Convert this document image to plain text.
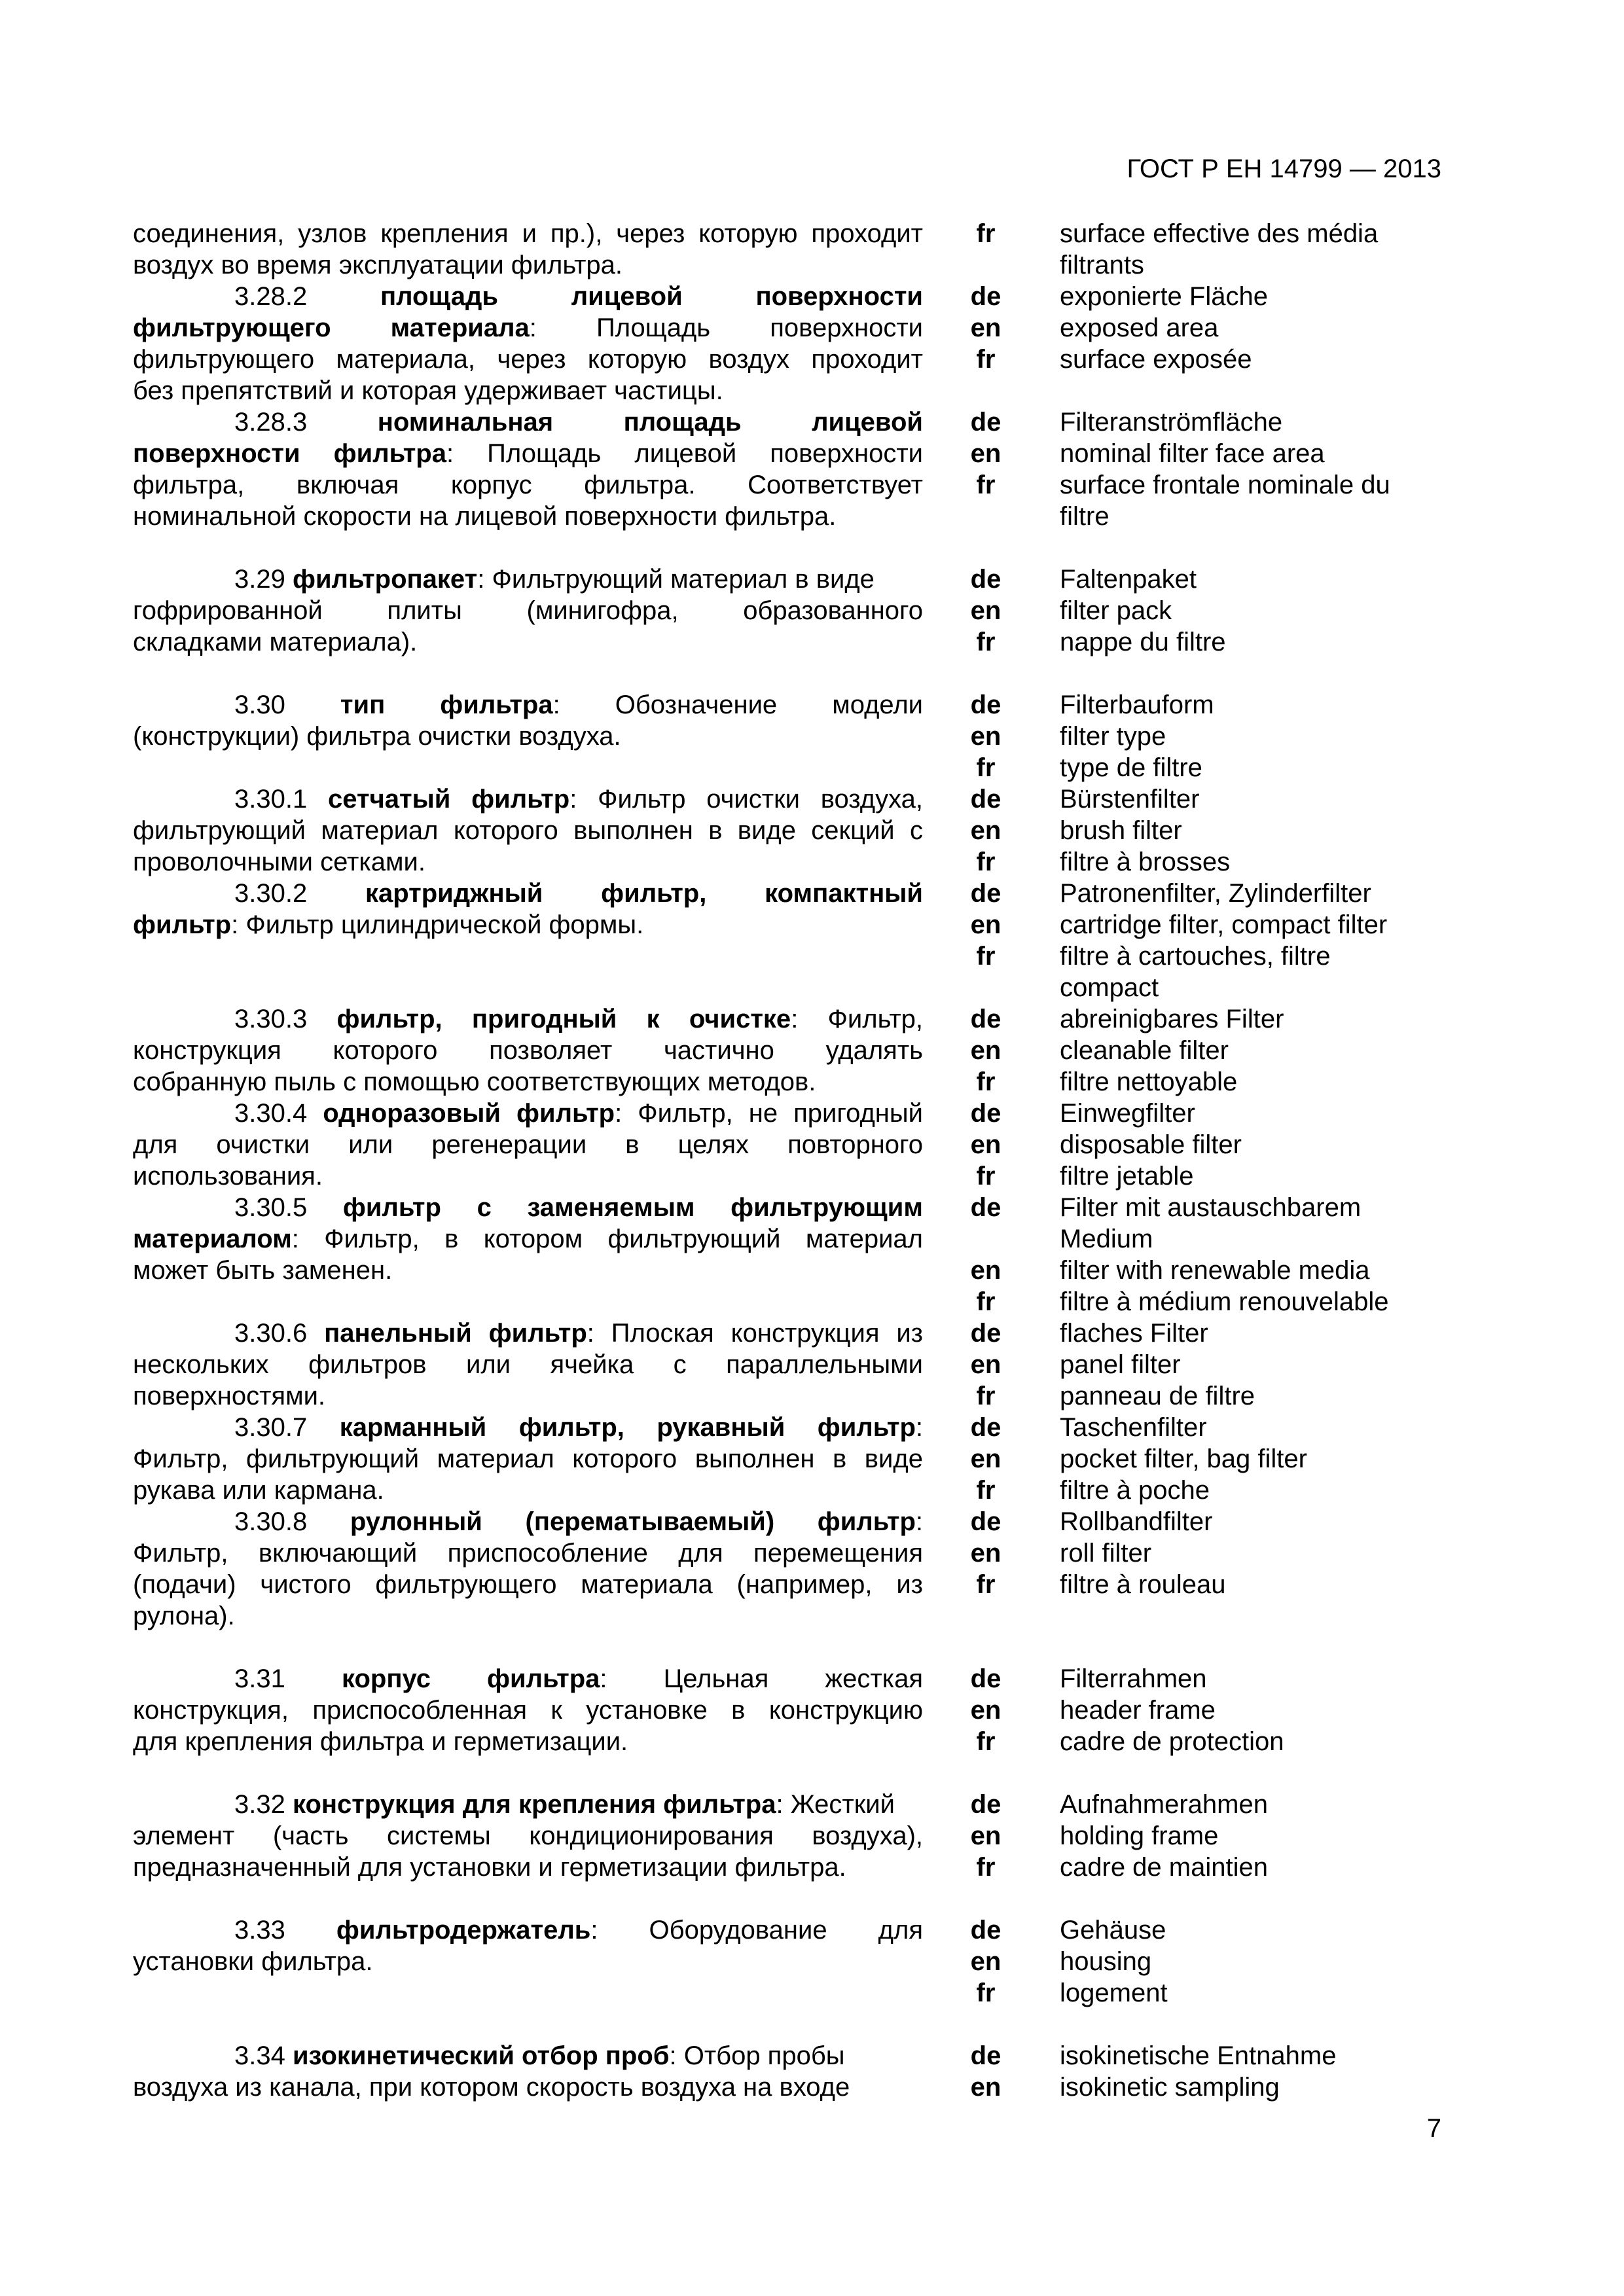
ГОСТ Р ЕН 14799 — 2013
соединения, узлов крепления и пр.), через которую проходит
воздух во время эксплуатации фильтра.
fr	surface effective des média
filtrants
3.28.2 площадь лицевой поверхности
фильтрующего материала: Площадь поверхности
фильтрующего материала, через которую воздух проходит
без препятствий и которая удерживает частицы.
de
en
fr
exponierte Fläche
exposed area
surface exposée
3.28.3 номинальная площадь лицевой
поверхности фильтра: Площадь лицевой поверхности
фильтра, включая корпус фильтра. Соответствует
номинальной скорости на лицевой поверхности фильтра.
de
en
fr
Filteranströmfläche
nominal filter face area
surface frontale nominale du
filtre
3.29 фильтропакет: Фильтрующий материал в виде
гофрированной плиты (минигофра, образованного
складками материала).
de
en
fr
Faltenpaket
filter pack
nappe du filtre
3.30 тип фильтра: Обозначение модели
(конструкции) фильтра очистки воздуха.
de
en
fr
Filterbauform
filter type
type de filtre
3.30.1 сетчатый фильтр: Фильтр очистки воздуха,
фильтрующий материал которого выполнен в виде секций с
проволочными сетками.
de
en
fr
Bürstenfilter
brush filter
filtre à brosses
3.30.2 картриджный фильтр, компактный
фильтр: Фильтр цилиндрической формы.
de
en
fr
Patronenfilter, Zylinderfilter
cartridge filter, compact filter
filtre à cartouches, filtre
compact
3.30.3 фильтр, пригодный к очистке: Фильтр,
конструкция которого позволяет частично удалять
собранную пыль с помощью соответствующих методов.
de
en
fr
abreinigbares Filter
cleanable filter
filtre nettoyable
3.30.4 одноразовый фильтр: Фильтр, не пригодный
для очистки или регенерации в целях повторного
использования.
de
en
fr
Einwegfilter
disposable filter
filtre jetable
3.30.5 фильтр с заменяемым фильтрующим
материалом: Фильтр, в котором фильтрующий материал
может быть заменен.
de
en
fr
Filter mit austauschbarem
Medium
filter with renewable media
filtre à médium renouvelable
3.30.6 панельный фильтр: Плоская конструкция из
нескольких фильтров или ячейка с параллельными
поверхностями.
de
en
fr
flaches Filter
panel filter
panneau de filtre
3.30.7 карманный фильтр, рукавный фильтр:
Фильтр, фильтрующий материал которого выполнен в виде
рукава или кармана.
de
en
fr
Taschenfilter
pocket filter, bag filter
filtre à poche
3.30.8 рулонный (перематываемый) фильтр:
Фильтр, включающий приспособление для перемещения
(подачи) чистого фильтрующего материала (например, из
рулона).
de
en
fr
Rollbandfilter
roll filter
filtre à rouleau
3.31 корпус фильтра: Цельная жесткая
конструкция, приспособленная к установке в конструкцию
для крепления фильтра и герметизации.
de
en
fr
Filterrahmen
header frame
cadre de protection
3.32 конструкция для крепления фильтра: Жесткий
элемент (часть системы кондиционирования воздуха),
предназначенный для установки и герметизации фильтра.
de
en
fr
Aufnahmerahmen
holding frame
cadre de maintien
3.33 фильтродержатель: Оборудование для
установки фильтра.
de
en
fr
Gehäuse
housing
logement
3.34 изокинетический отбор проб: Отбор пробы
воздуха из канала, при котором скорость воздуха на входе
de
en
isokinetische Entnahme
isokinetic sampling
7
